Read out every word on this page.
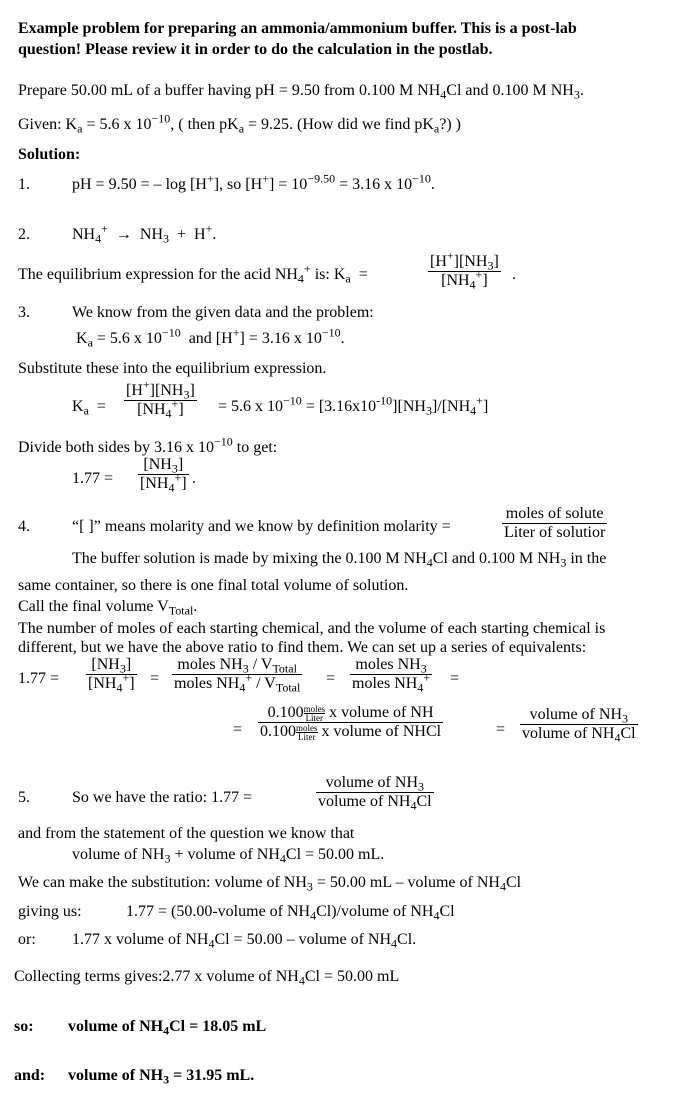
Example problem for preparing an ammonia/ammonium buffer. This is a post-lab
question! Please review it in order to do the calculation in the postlab.
Prepare 50.00 mL of a buffer having pH = 9.50 from 0.100 M $NH_4Cl$ and 0.100 M $NH_3$.
Given: $K_a = 5.6$ x $10^{-10}$, ( then $pK_a = 9.25$. (How did we find $pK_a$?) )
Solution:
1.	pH = 9.50 = – log [H+], so $[H^+] = 10^{-9.50} = 3.16$ x $10^{-10}$.
2.	$NH_4^+ \to NH_3 + H^+$.
The equilibrium expression for the acid $NH_4^+$ is: $K_a$  =	$\frac{[H^+][NH_3]}{[NH_4^+]}$ .
3.	We know from the given data and the problem:
$K_a = 5.6$ x $10^{-10}$  and [H+] = 3.16 x $10^{-10}$.
Substitute these into the equilibrium expression.
$K_a = \frac{[H^+][NH_3]}{[NH_4^+]} = 5.6$ x $10^{-10} = [3.16x10^{-10}][NH_3]/[NH_4^+]$
Divide both sides by 3.16 x $10^{-10}$ to get:
$1.77 = \frac{[NH_3]}{[NH_4^+]}$ .
4.	“[ ]” means molarity and we know by definition molarity =
moles of solute
Liter of solutior
The buffer solution is made by mixing the 0.100 M $NH_4Cl$ and 0.100 M $NH_3$ in the
same container, so there is one final total volume of solution.
Call the final volume $V_{Total}$.
The number of moles of each starting chemical, and the volume of each starting chemical is
different, but we have the above ratio to find them. We can set up a series of equivalents:
$1.77 = \frac{[NH_3]}{[NH_4^+]}$ =
moles $NH_3 / V_{Total}$
moles $NH_4^+ / V_{Total}$
=
moles $NH_3$
moles $NH_4^+$ =
=
0.100 moles
Liter x volume of NH
0.100 moles
Liter x volume of NHCl	=
volume of $NH_3$
volume of $NH_4Cl$
5.	So we have the ratio: 1.77 =
volume of $NH_3$
volume of $NH_4Cl$
and from the statement of the question we know that
volume of $NH_3$ + volume of $NH_4Cl = 50.00$ mL.
We can make the substitution: volume of $NH_3 = 50.00$ mL – volume of $NH_4Cl$
giving us:	1.77 = (50.00-volume of $NH_4Cl$)/volume of $NH_4Cl$
or: 1.77 x volume of $NH_4Cl = 50.00$ – volume of $NH_4Cl$.
Collecting terms gives:2.77 x volume of $NH_4Cl = 50.00$ mL
so: volume of $NH_4Cl = 18.05$ mL
and: volume of $NH_3 = 31.95$ mL.
